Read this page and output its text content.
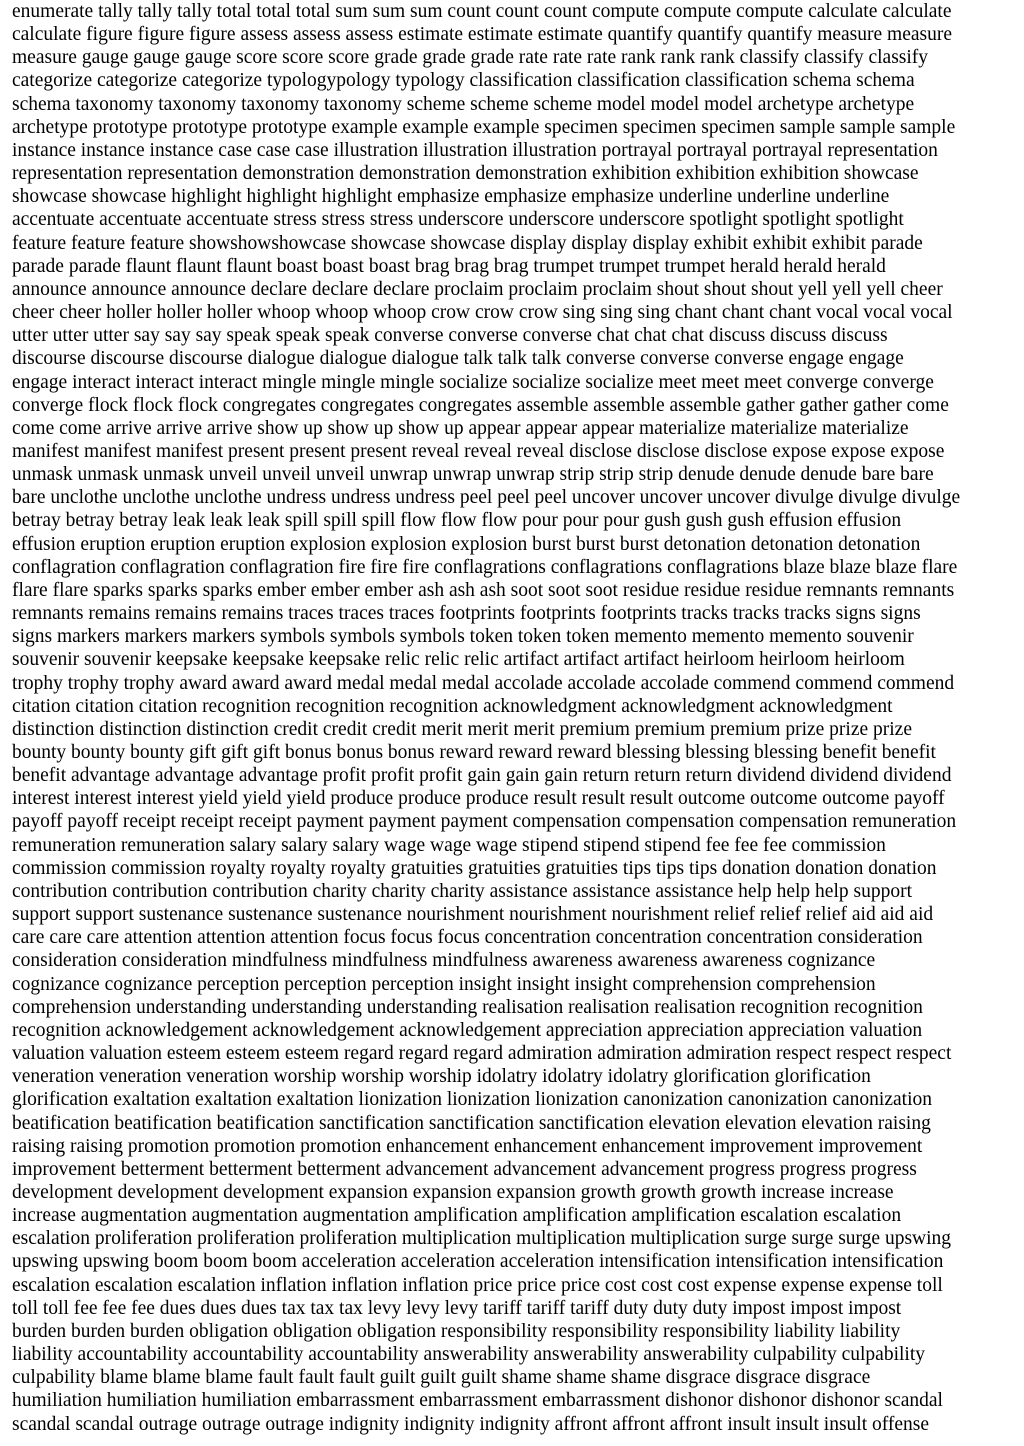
enumerate tally tally tally total total total sum sum sum count count count compute compute compute calculate calculate

calculate figure figure figure assess assess assess estimate estimate estimate quantify quantify quantify measure measure

measure gauge gauge gauge score score score grade grade grade rate rate rate rank rank rank classify classify classify

categorize categorize categorize typologypology typology classification classification classification schema schema

schema taxonomy taxonomy taxonomy taxonomy scheme scheme scheme model model model archetype archetype

archetype prototype prototype prototype example example example specimen specimen specimen sample sample sample

instance instance instance case case case illustration illustration illustration portrayal portrayal portrayal representation

representation representation demonstration demonstration demonstration exhibition exhibition exhibition showcase

showcase showcase highlight highlight highlight emphasize emphasize emphasize underline underline underline

accentuate accentuate accentuate stress stress stress underscore underscore underscore spotlight spotlight spotlight

feature feature feature showshowshowcase showcase showcase display display display exhibit exhibit exhibit parade

parade parade flaunt flaunt flaunt boast boast boast brag brag brag trumpet trumpet trumpet herald herald herald

announce announce announce declare declare declare proclaim proclaim proclaim shout shout shout yell yell yell cheer

cheer cheer holler holler holler whoop whoop whoop crow crow crow sing sing sing chant chant chant vocal vocal vocal

utter utter utter say say say speak speak speak converse converse converse chat chat chat discuss discuss discuss

discourse discourse discourse dialogue dialogue dialogue talk talk talk converse converse converse engage engage

engage interact interact interact mingle mingle mingle socialize socialize socialize meet meet meet converge converge

converge flock flock flock congregates congregates congregates assemble assemble assemble gather gather gather come

come come arrive arrive arrive show up show up show up appear appear appear materialize materialize materialize

manifest manifest manifest present present present reveal reveal reveal disclose disclose disclose expose expose expose

unmask unmask unmask unveil unveil unveil unwrap unwrap unwrap strip strip strip denude denude denude bare bare

bare unclothe unclothe unclothe undress undress undress peel peel peel uncover uncover uncover divulge divulge divulge

betray betray betray leak leak leak spill spill spill flow flow flow pour pour pour gush gush gush effusion effusion

effusion eruption eruption eruption explosion explosion explosion burst burst burst detonation detonation detonation

conflagration conflagration conflagration fire fire fire conflagrations conflagrations conflagrations blaze blaze blaze flare

flare flare sparks sparks sparks ember ember ember ash ash ash soot soot soot residue residue residue remnants remnants

remnants remains remains remains traces traces traces footprints footprints footprints tracks tracks tracks signs signs

signs markers markers markers symbols symbols symbols token token token memento memento memento souvenir

souvenir souvenir keepsake keepsake keepsake relic relic relic artifact artifact artifact heirloom heirloom heirloom

trophy trophy trophy award award award medal medal medal accolade accolade accolade commend commend commend

citation citation citation recognition recognition recognition acknowledgment acknowledgment acknowledgment

distinction distinction distinction credit credit credit merit merit merit premium premium premium prize prize prize

bounty bounty bounty gift gift gift bonus bonus bonus reward reward reward blessing blessing blessing benefit benefit

benefit advantage advantage advantage profit profit profit gain gain gain return return return dividend dividend dividend

interest interest interest yield yield yield produce produce produce result result result outcome outcome outcome payoff

payoff payoff receipt receipt receipt payment payment payment compensation compensation compensation remuneration

remuneration remuneration salary salary salary wage wage wage stipend stipend stipend fee fee fee commission

commission commission royalty royalty royalty gratuities gratuities gratuities tips tips tips donation donation donation

contribution contribution contribution charity charity charity assistance assistance assistance help help help support

support support sustenance sustenance sustenance nourishment nourishment nourishment relief relief relief aid aid aid

care care care attention attention attention focus focus focus concentration concentration concentration consideration

consideration consideration mindfulness mindfulness mindfulness awareness awareness awareness cognizance

cognizance cognizance perception perception perception insight insight insight comprehension comprehension

comprehension understanding understanding understanding realisation realisation realisation recognition recognition

recognition acknowledgement acknowledgement acknowledgement appreciation appreciation appreciation valuation

valuation valuation esteem esteem esteem regard regard regard admiration admiration admiration respect respect respect

veneration veneration veneration worship worship worship idolatry idolatry idolatry glorification glorification

glorification exaltation exaltation exaltation lionization lionization lionization canonization canonization canonization

beatification beatification beatification sanctification sanctification sanctification elevation elevation elevation raising

raising raising promotion promotion promotion enhancement enhancement enhancement improvement improvement

improvement betterment betterment betterment advancement advancement advancement progress progress progress

development development development expansion expansion expansion growth growth growth increase increase

increase augmentation augmentation augmentation amplification amplification amplification escalation escalation

escalation proliferation proliferation proliferation multiplication multiplication multiplication surge surge surge upswing

upswing upswing boom boom boom acceleration acceleration acceleration intensification intensification intensification

escalation escalation escalation inflation inflation inflation price price price cost cost cost expense expense expense toll

toll toll fee fee fee dues dues dues tax tax tax levy levy levy tariff tariff tariff duty duty duty impost impost impost

burden burden burden obligation obligation obligation responsibility responsibility responsibility liability liability

liability accountability accountability accountability answerability answerability answerability culpability culpability

culpability blame blame blame fault fault fault guilt guilt guilt shame shame shame disgrace disgrace disgrace

humiliation humiliation humiliation embarrassment embarrassment embarrassment dishonor dishonor dishonor scandal

scandal scandal outrage outrage outrage indignity indignity indignity affront affront affront insult insult insult offense
